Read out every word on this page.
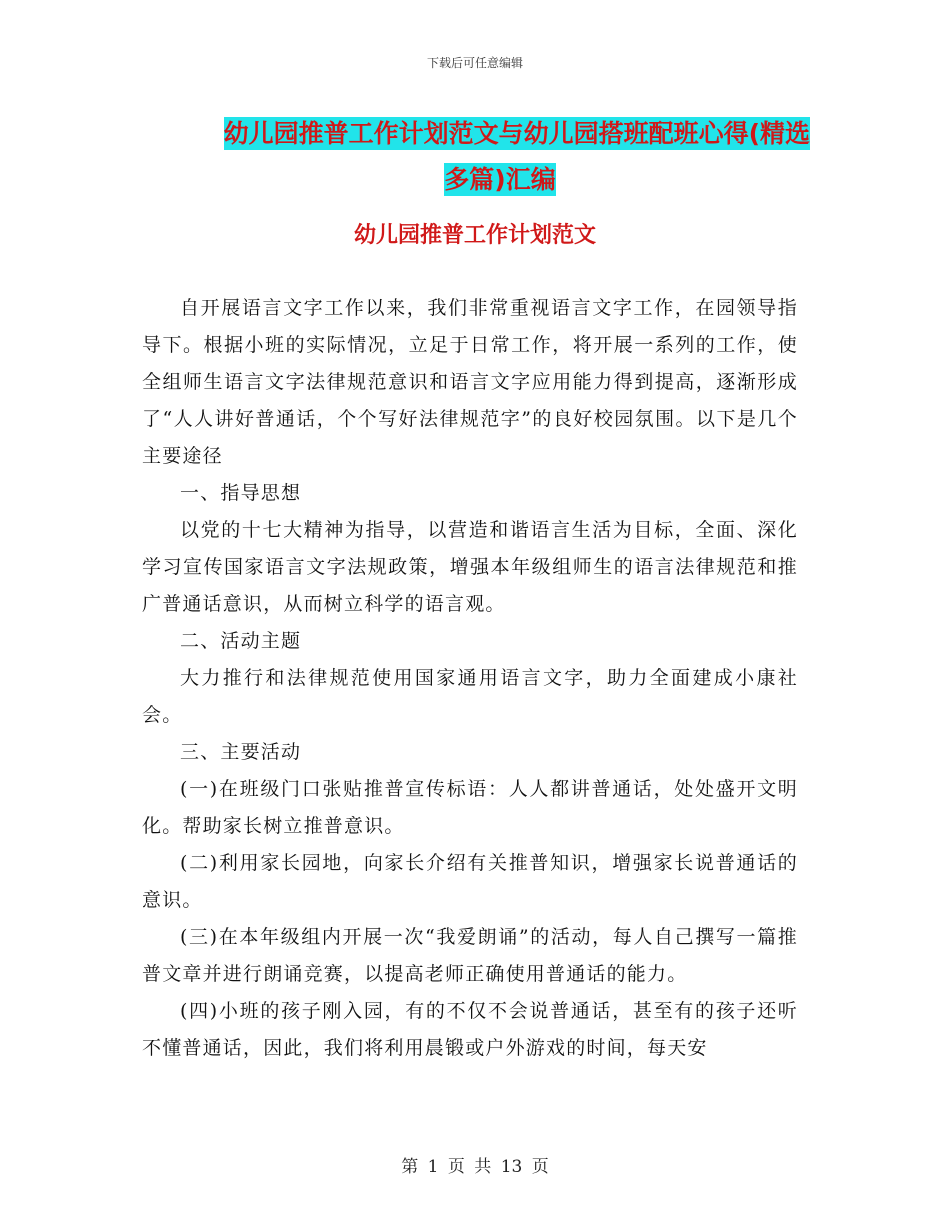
下载后可任意编辑
幼儿园推普工作计划范文与幼儿园搭班配班心得(精选
多篇)汇编
幼儿园推普工作计划范文

自开展语言文字工作以来，我们非常重视语言文字工作，在园领导指导下。根据小班的实际情况，立足于日常工作，将开展一系列的工作，使全组师生语言文字法律规范意识和语言文字应用能力得到提高，逐渐形成了“人人讲好普通话，个个写好法律规范字”的良好校园氛围。以下是几个主要途径

一、指导思想

以党的十七大精神为指导，以营造和谐语言生活为目标，全面、深化学习宣传国家语言文字法规政策，增强本年级组师生的语言法律规范和推广普通话意识，从而树立科学的语言观。

二、活动主题

大力推行和法律规范使用国家通用语言文字，助力全面建成小康社会。

三、主要活动

(一)在班级门口张贴推普宣传标语：人人都讲普通话，处处盛开文明化。帮助家长树立推普意识。

(二)利用家长园地，向家长介绍有关推普知识，增强家长说普通话的意识。

(三)在本年级组内开展一次“我爱朗诵”的活动，每人自己撰写一篇推普文章并进行朗诵竞赛，以提高老师正确使用普通话的能力。

(四)小班的孩子刚入园，有的不仅不会说普通话，甚至有的孩子还听不懂普通话，因此，我们将利用晨锻或户外游戏的时间，每天安

第 1 页 共 13 页
